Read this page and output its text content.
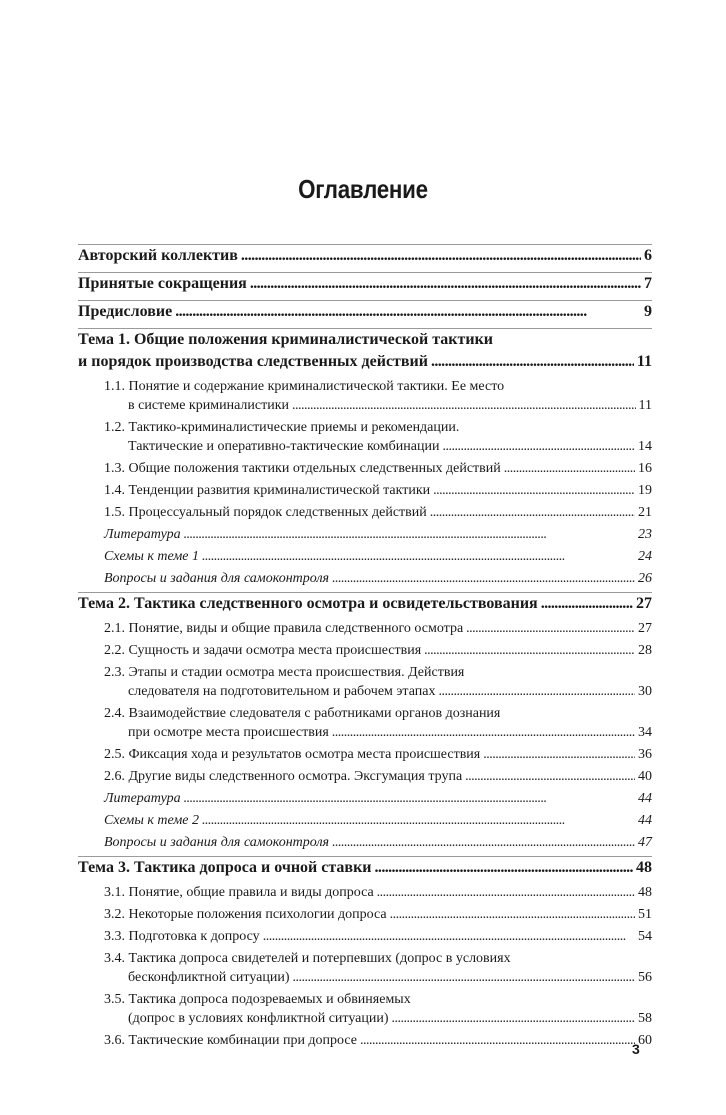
Оглавление
Авторский коллектив . . .	6
Принятые сокращения . . .	7
Предисловие . . .	9
Тема 1. Общие положения криминалистической тактики
и порядок производства следственных действий . . .	11
1.1. Понятие и содержание криминалистической тактики. Ее место
в системе криминалистики . . .	11
1.2. Тактико-криминалистические приемы и рекомендации.
Тактические и оперативно-тактические комбинации . . .	14
1.3. Общие положения тактики отдельных следственных действий . . .	16
1.4. Тенденции развития криминалистической тактики . . .	19
1.5. Процессуальный порядок следственных действий . . .	21
Литература . . .	23
Схемы к теме 1 . . .	24
Вопросы и задания для самоконтроля . . .	26
Тема 2. Тактика следственного осмотра и освидетельствования . . .	27
2.1. Понятие, виды и общие правила следственного осмотра . . .	27
2.2. Сущность и задачи осмотра места происшествия . . .	28
2.3. Этапы и стадии осмотра места происшествия. Действия
следователя на подготовительном и рабочем этапах . . .	30
2.4. Взаимодействие следователя с работниками органов дознания
при осмотре места происшествия . . .	34
2.5. Фиксация хода и результатов осмотра места происшествия . . .	36
2.6. Другие виды следственного осмотра. Эксгумация трупа . . .	40
Литература . . .	44
Схемы к теме 2 . . .	44
Вопросы и задания для самоконтроля . . .	47
Тема 3. Тактика допроса и очной ставки . . .	48
3.1. Понятие, общие правила и виды допроса . . .	48
3.2. Некоторые положения психологии допроса . . .	51
3.3. Подготовка к допросу . . .	54
3.4. Тактика допроса свидетелей и потерпевших (допрос в условиях
бесконфликтной ситуации) . . .	56
3.5. Тактика допроса подозреваемых и обвиняемых
(допрос в условиях конфликтной ситуации) . . .	58
3.6. Тактические комбинации при допросе . . .	60
3
